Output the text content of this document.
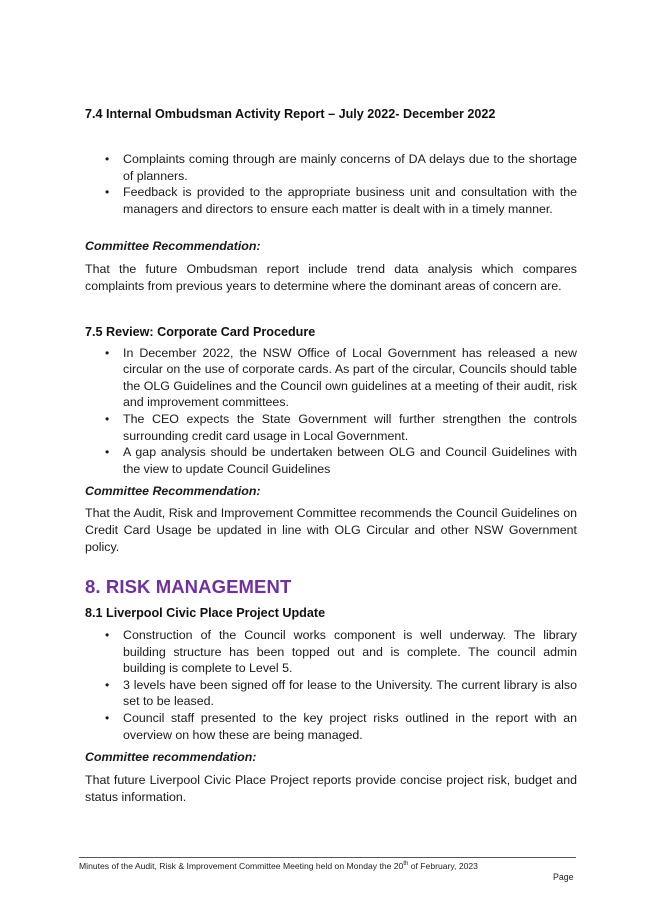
7.4 Internal Ombudsman Activity Report – July 2022- December 2022
• Complaints coming through are mainly concerns of DA delays due to the shortage of planners.
• Feedback is provided to the appropriate business unit and consultation with the managers and directors to ensure each matter is dealt with in a timely manner.
Committee Recommendation:

That the future Ombudsman report include trend data analysis which compares complaints from previous years to determine where the dominant areas of concern are.

7.5 Review: Corporate Card Procedure
• In December 2022, the NSW Office of Local Government has released a new circular on the use of corporate cards. As part of the circular, Councils should table the OLG Guidelines and the Council own guidelines at a meeting of their audit, risk and improvement committees.
• The CEO expects the State Government will further strengthen the controls surrounding credit card usage in Local Government.
• A gap analysis should be undertaken between OLG and Council Guidelines with the view to update Council Guidelines
Committee Recommendation:

That the Audit, Risk and Improvement Committee recommends the Council Guidelines on Credit Card Usage be updated in line with OLG Circular and other NSW Government policy.

8. RISK MANAGEMENT
8.1 Liverpool Civic Place Project Update
• Construction of the Council works component is well underway. The library building structure has been topped out and is complete. The council admin building is complete to Level 5.
• 3 levels have been signed off for lease to the University. The current library is also set to be leased.
• Council staff presented to the key project risks outlined in the report with an overview on how these are being managed.
Committee recommendation:

That future Liverpool Civic Place Project reports provide concise project risk, budget and status information.

Minutes of the Audit, Risk & Improvement Committee Meeting held on Monday the 20th of February, 2023
Page
